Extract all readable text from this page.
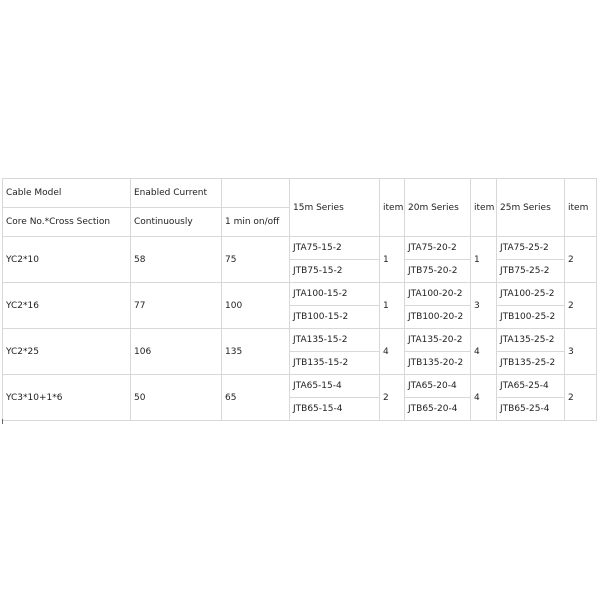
Cable Model	Enabled Current		15m Series	item	20m Series	item	25m Series	item
Core No.*Cross Section	Continuously	1 min on/off						
YC2*10	58	75	JTA75-15-2	1	JTA75-20-2	1	JTA75-25-2	2
			JTB75-15-2		JTB75-20-2		JTB75-25-2	
YC2*16	77	100	JTA100-15-2	1	JTA100-20-2	3	JTA100-25-2	2
			JTB100-15-2		JTB100-20-2		JTB100-25-2	
YC2*25	106	135	JTA135-15-2	4	JTA135-20-2	4	JTA135-25-2	3
			JTB135-15-2		JTB135-20-2		JTB135-25-2	
YC3*10+1*6	50	65	JTA65-15-4	2	JTA65-20-4	4	JTA65-25-4	2
			JTB65-15-4		JTB65-20-4		JTB65-25-4	
